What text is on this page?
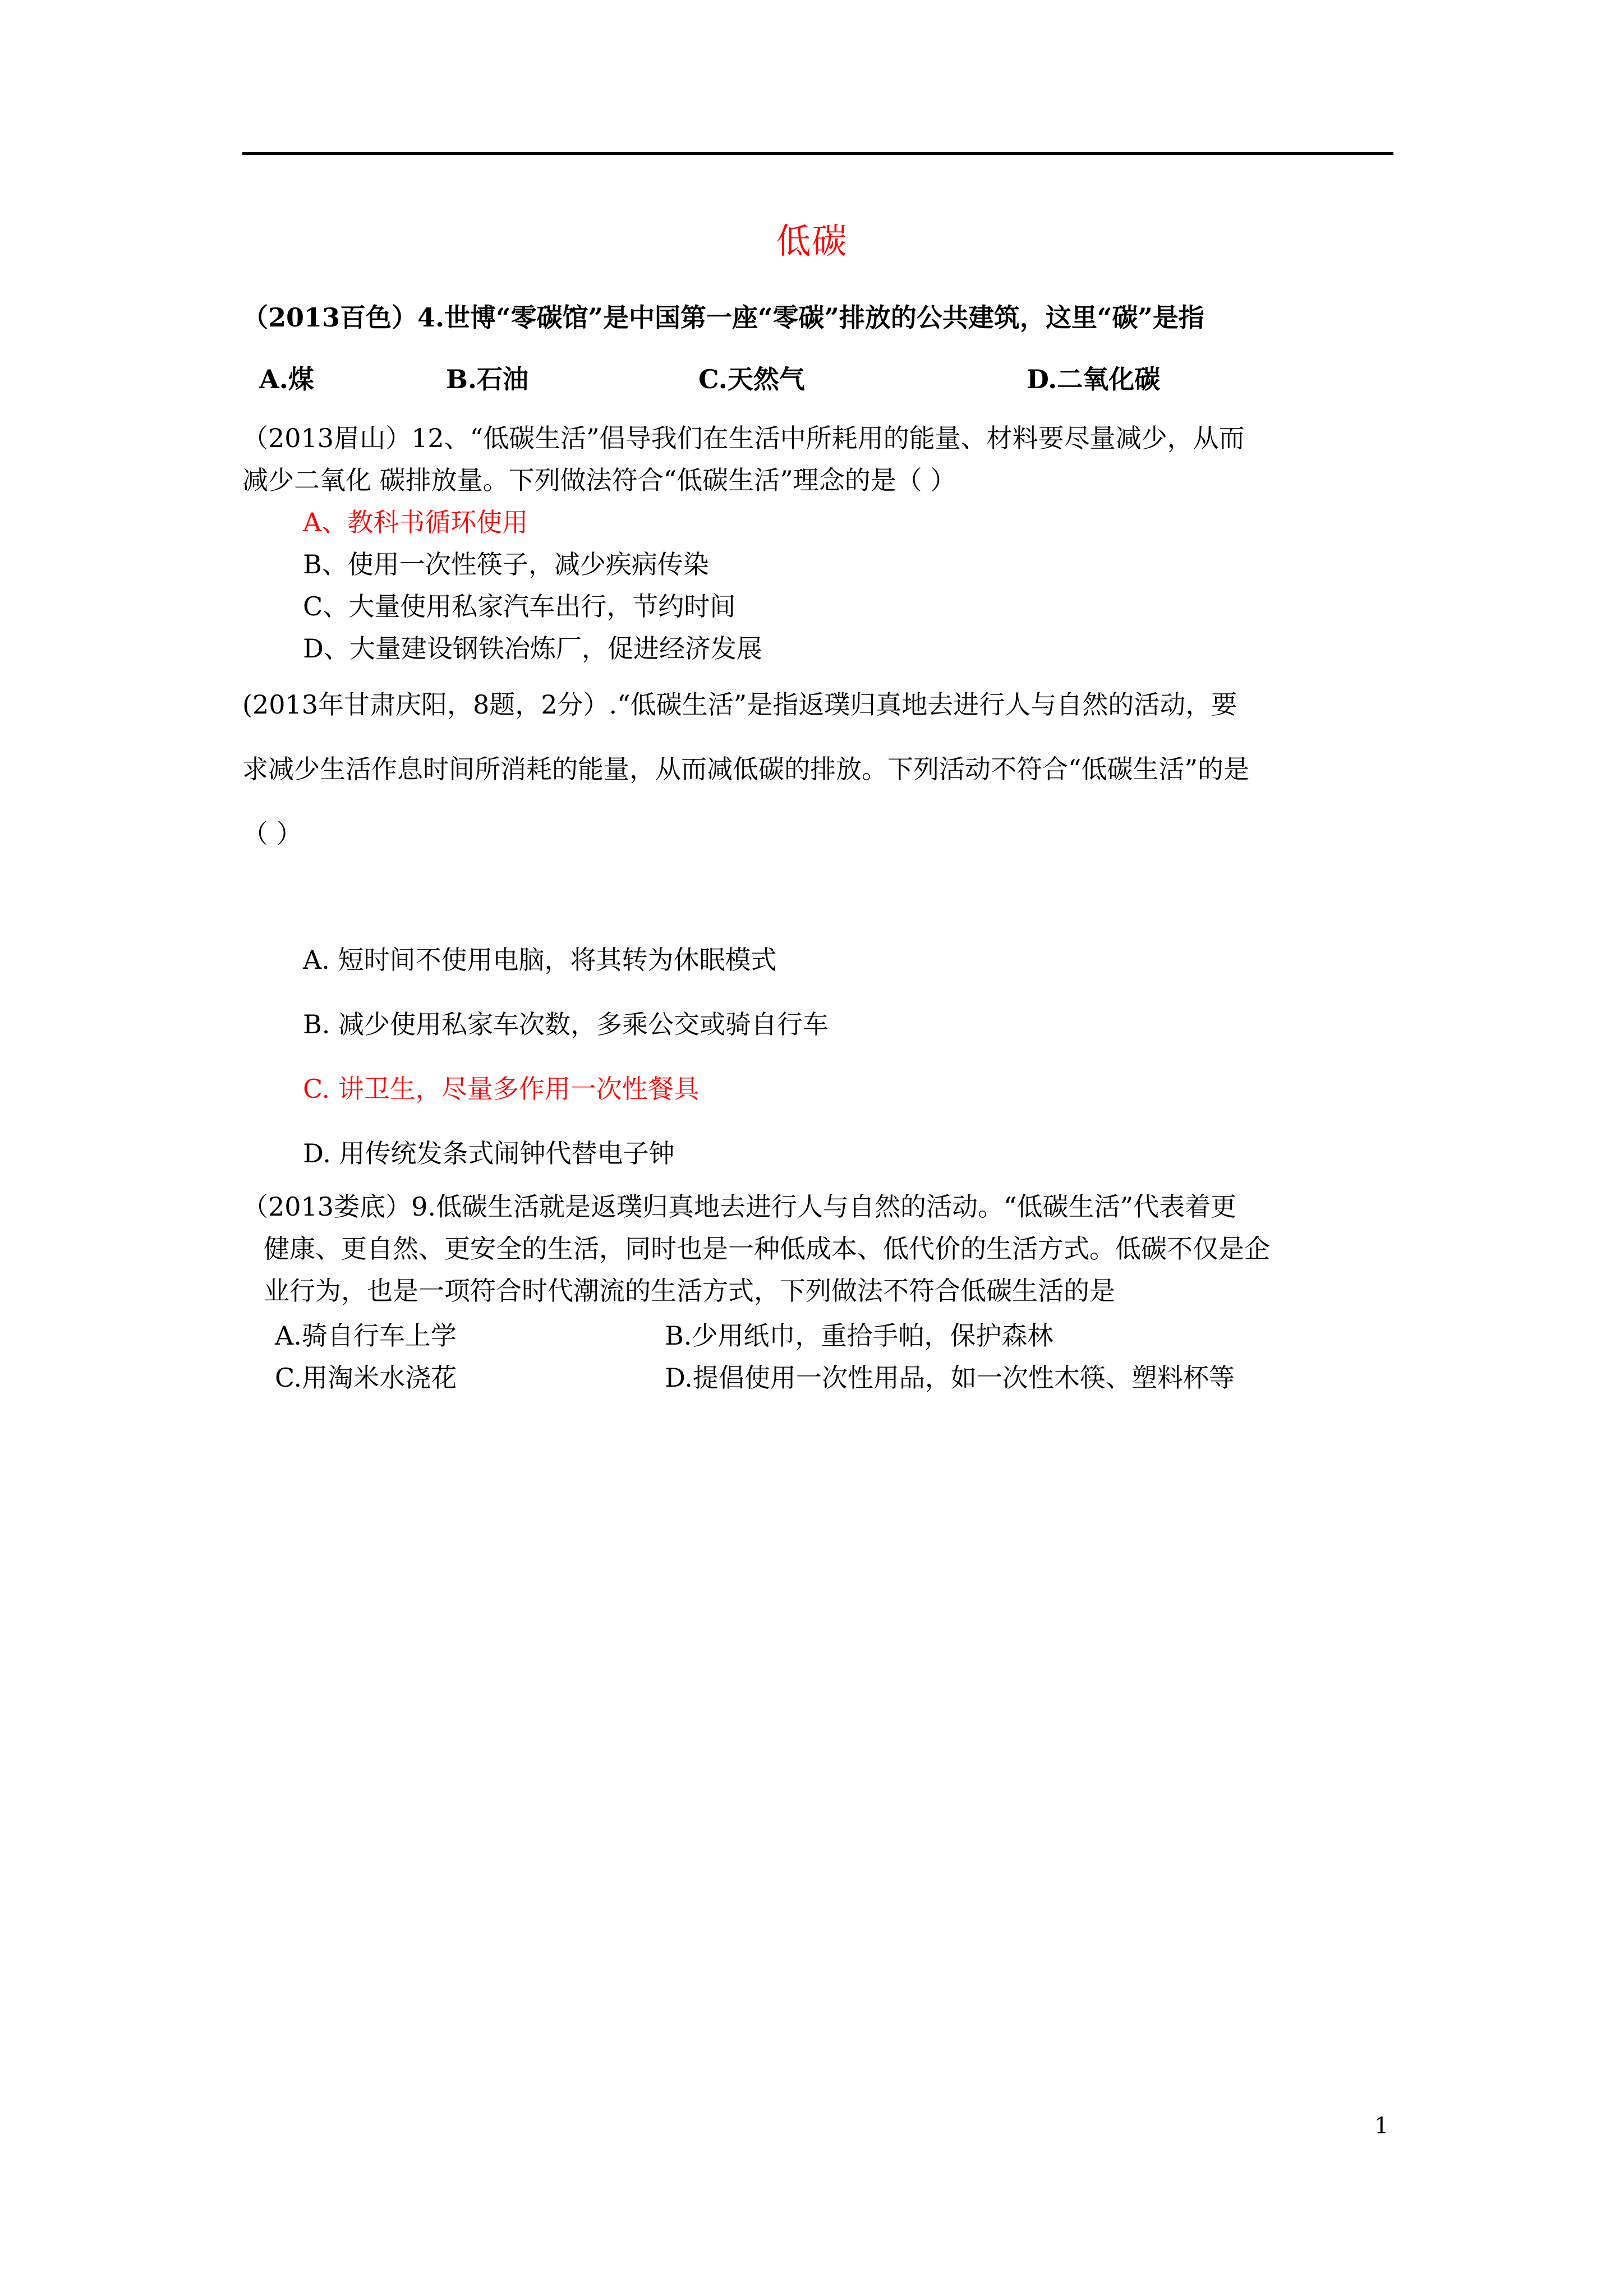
低碳
（2013百色）4.世博“零碳馆”是中国第一座“零碳”排放的公共建筑，这里“碳”是指
A.煤	B.石油	C.天然气	D.二氧化碳
（2013眉山）12、“低碳生活”倡导我们在生活中所耗用的能量、材料要尽量减少，从而
减少二氧化 碳排放量。下列做法符合“低碳生活”理念的是（ ）
A、教科书循环使用
B、使用一次性筷子，减少疾病传染
C、大量使用私家汽车出行，节约时间
D、大量建设钢铁冶炼厂，促进经济发展
(2013年甘肃庆阳，8题，2分）.“低碳生活”是指返璞归真地去进行人与自然的活动，要
求减少生活作息时间所消耗的能量，从而减低碳的排放。下列活动不符合“低碳生活”的是
（ ）
A. 短时间不使用电脑，将其转为休眠模式
B. 减少使用私家车次数，多乘公交或骑自行车
C. 讲卫生，尽量多作用一次性餐具
D. 用传统发条式闹钟代替电子钟
（2013娄底）9.低碳生活就是返璞归真地去进行人与自然的活动。“低碳生活”代表着更
健康、更自然、更安全的生活，同时也是一种低成本、低代价的生活方式。低碳不仅是企
业行为，也是一项符合时代潮流的生活方式，下列做法不符合低碳生活的是
A.骑自行车上学	B.少用纸巾，重拾手帕，保护森林
C.用淘米水浇花	D.提倡使用一次性用品，如一次性木筷、塑料杯等
1
